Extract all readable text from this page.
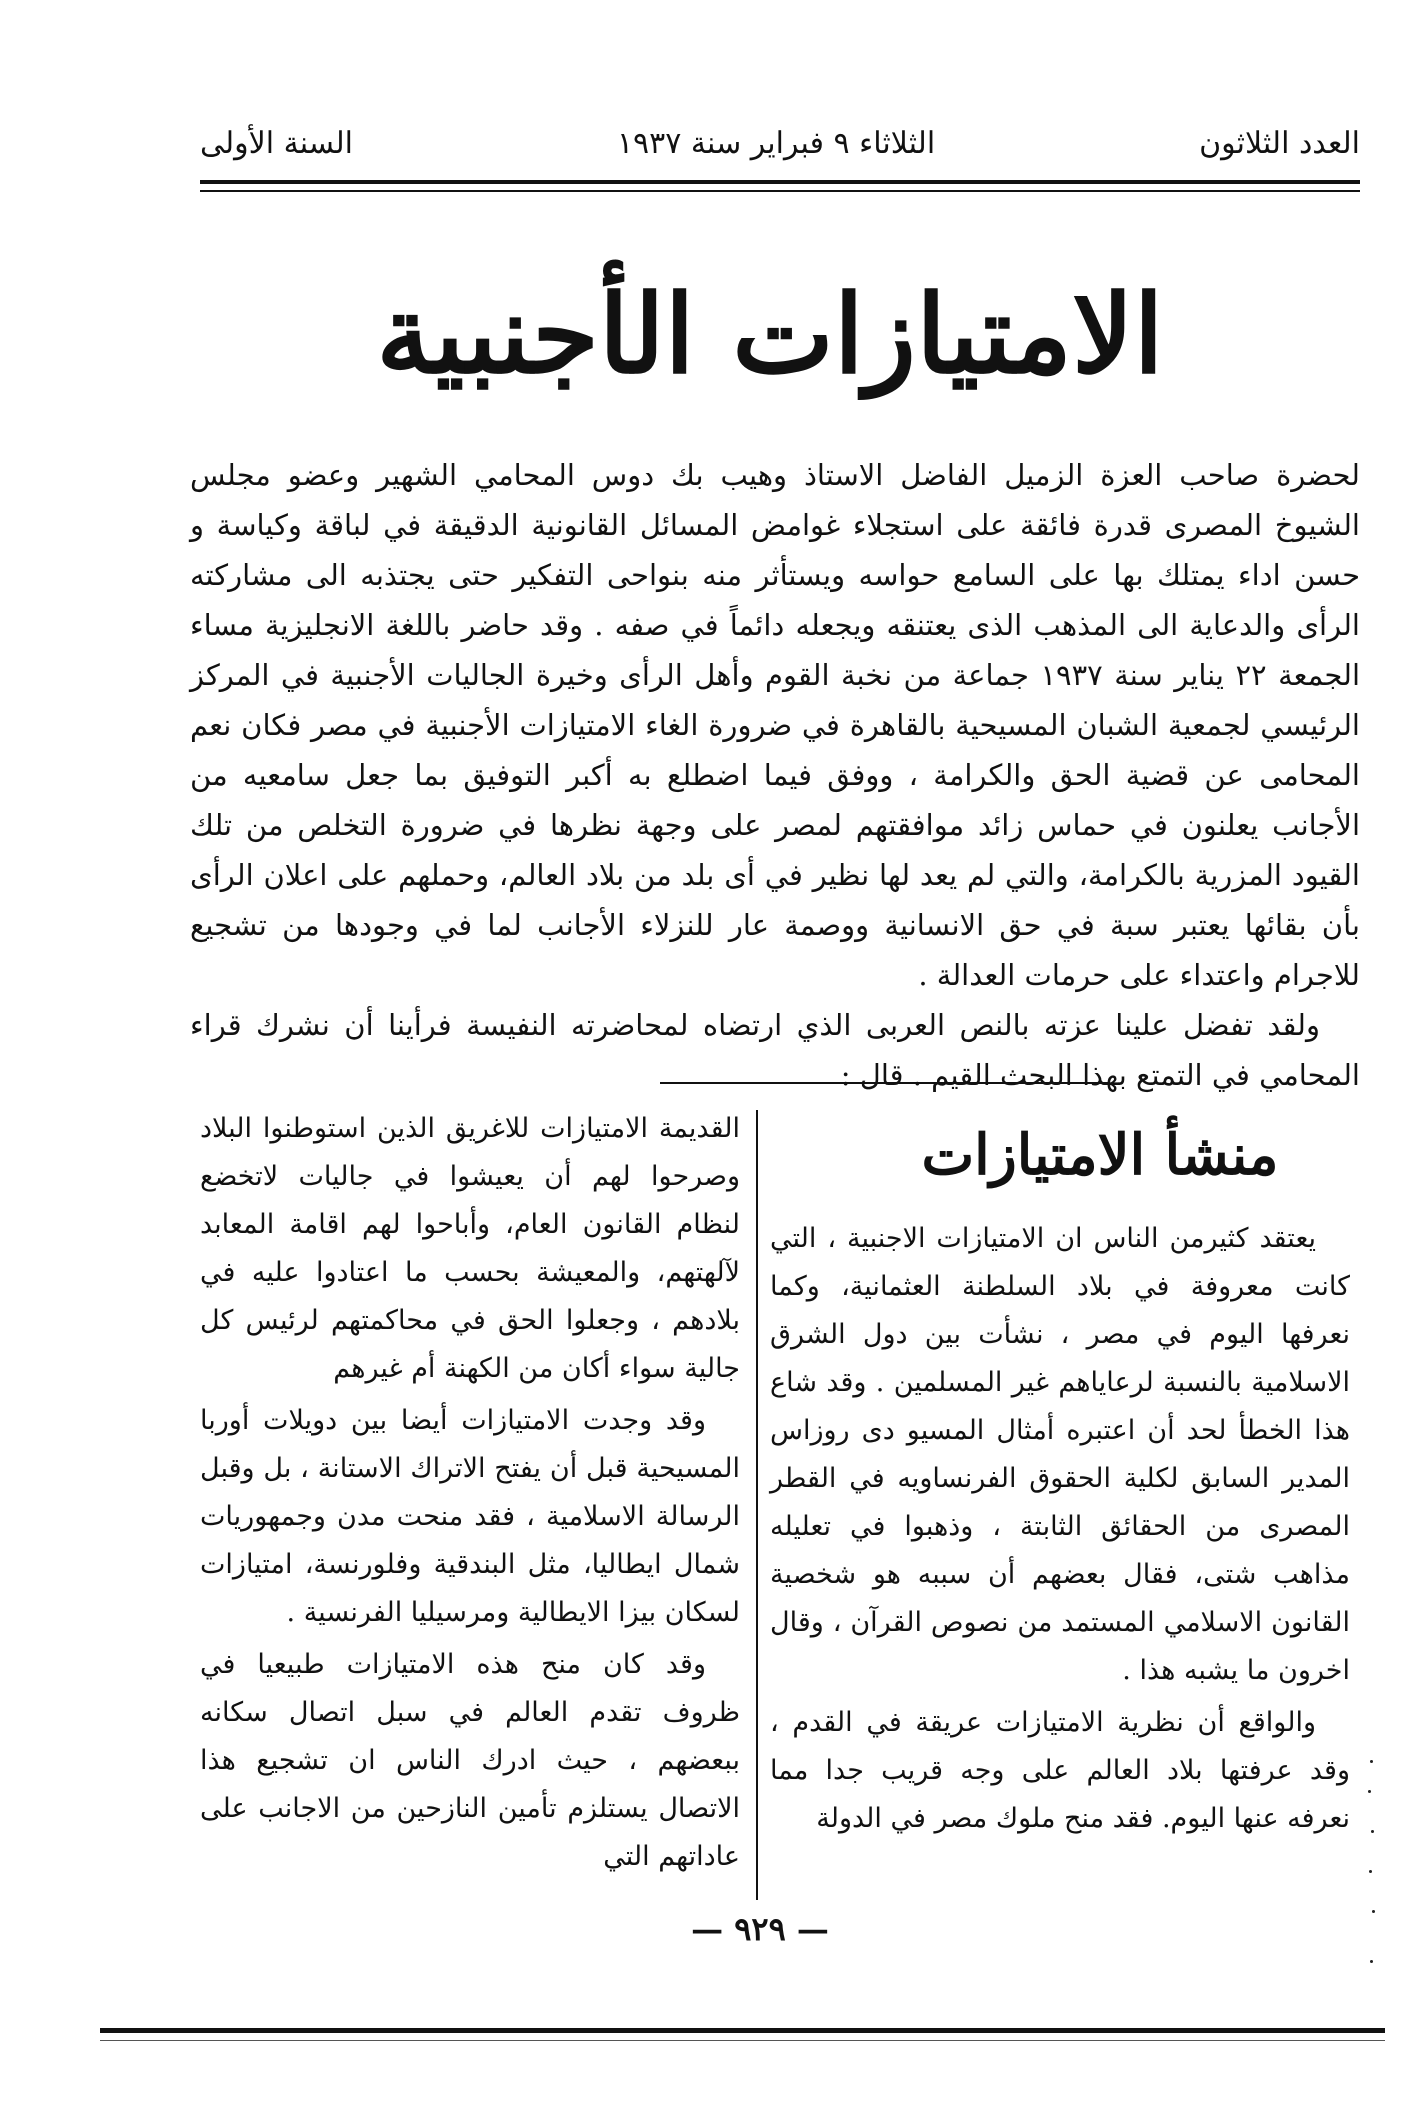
العدد الثلاثون
الثلاثاء ٩ فبراير سنة ١٩٣٧
السنة الأولى
الامتيازات الأجنبية

لحضرة صاحب العزة الزميل الفاضل الاستاذ وهيب بك دوس المحامي الشهير وعضو مجلس الشيوخ المصرى قدرة فائقة على استجلاء غوامض المسائل القانونية الدقيقة في لباقة وكياسة و حسن اداء يمتلك بها على السامع حواسه ويستأثر منه بنواحى التفكير حتى يجتذبه الى مشاركته الرأى والدعاية الى المذهب الذى يعتنقه ويجعله دائماً في صفه . وقد حاضر باللغة الانجليزية مساء الجمعة ٢٢ يناير سنة ١٩٣٧ جماعة من نخبة القوم وأهل الرأى وخيرة الجاليات الأجنبية في المركز الرئيسي لجمعية الشبان المسيحية بالقاهرة في ضرورة الغاء الامتيازات الأجنبية في مصر فكان نعم المحامى عن قضية الحق والكرامة ، ووفق فيما اضطلع به أكبر التوفيق بما جعل سامعيه من الأجانب يعلنون في حماس زائد موافقتهم لمصر على وجهة نظرها في ضرورة التخلص من تلك القيود المزرية بالكرامة، والتي لم يعد لها نظير في أى بلد من بلاد العالم، وحملهم على اعلان الرأى بأن بقائها يعتبر سبة في حق الانسانية ووصمة عار للنزلاء الأجانب لما في وجودها من تشجيع للاجرام واعتداء على حرمات العدالة .

ولقد تفضل علينا عزته بالنص العربى الذي ارتضاه لمحاضرته النفيسة فرأينا أن نشرك قراء المحامي في التمتع بهذا البحث القيم . قال :

منشأ الامتيازات

يعتقد كثيرمن الناس ان الامتيازات الاجنبية ، التي كانت معروفة في بلاد السلطنة العثمانية، وكما نعرفها اليوم في مصر ، نشأت بين دول الشرق الاسلامية بالنسبة لرعاياهم غير المسلمين . وقد شاع هذا الخطأ لحد أن اعتبره أمثال المسيو دى روزاس المدير السابق لكلية الحقوق الفرنساويه في القطر المصرى من الحقائق الثابتة ، وذهبوا في تعليله مذاهب شتى، فقال بعضهم أن سببه هو شخصية القانون الاسلامي المستمد من نصوص القرآن ، وقال اخرون ما يشبه هذا .

والواقع أن نظرية الامتيازات عريقة في القدم ، وقد عرفتها بلاد العالم على وجه قريب جدا مما نعرفه عنها اليوم. فقد منح ملوك مصر في الدولة

القديمة الامتيازات للاغريق الذين استوطنوا البلاد وصرحوا لهم أن يعيشوا في جاليات لاتخضع لنظام القانون العام، وأباحوا لهم اقامة المعابد لآلهتهم، والمعيشة بحسب ما اعتادوا عليه في بلادهم ، وجعلوا الحق في محاكمتهم لرئيس كل جالية سواء أكان من الكهنة أم غيرهم

وقد وجدت الامتيازات أيضا بين دويلات أوربا المسيحية قبل أن يفتح الاتراك الاستانة ، بل وقبل الرسالة الاسلامية ، فقد منحت مدن وجمهوريات شمال ايطاليا، مثل البندقية وفلورنسة، امتيازات لسكان بيزا الايطالية ومرسيليا الفرنسية .

وقد كان منح هذه الامتيازات طبيعيا في ظروف تقدم العالم في سبل اتصال سكانه ببعضهم ، حيث ادرك الناس ان تشجيع هذا الاتصال يستلزم تأمين النازحين من الاجانب على عاداتهم التي

— ٩٢٩ —
